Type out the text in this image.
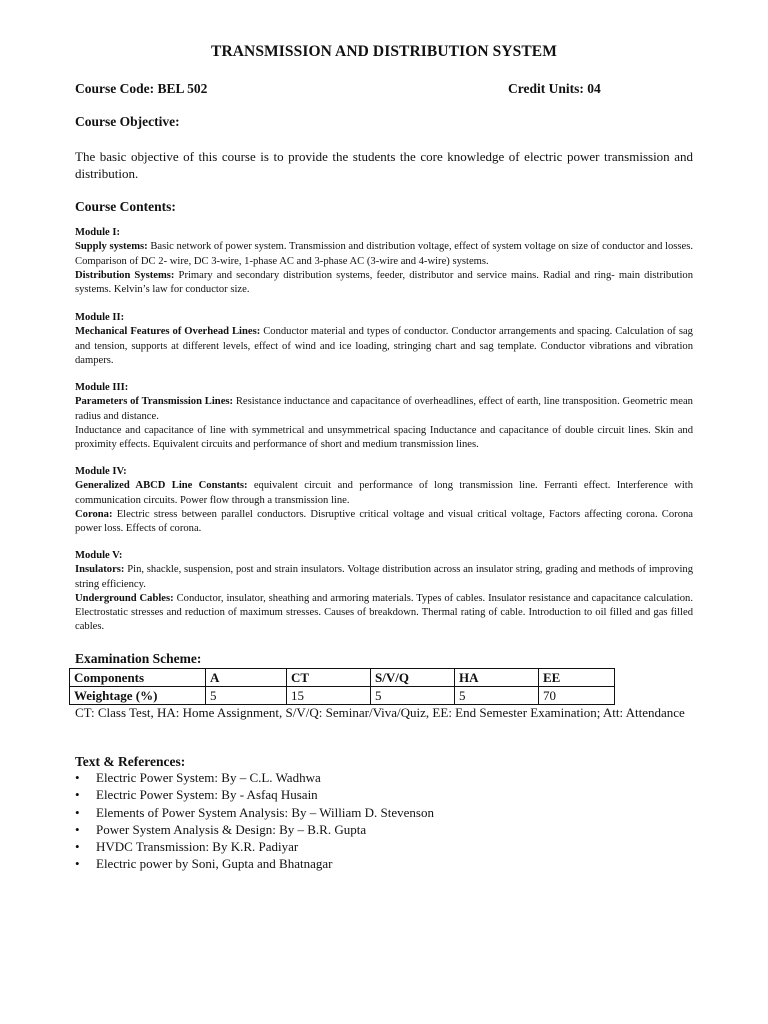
TRANSMISSION AND DISTRIBUTION SYSTEM
Course Code: BEL 502	Credit Units: 04
Course Objective:
The basic objective of this course is to provide the students the core knowledge of electric power transmission and distribution.
Course Contents:
Module I:

Supply systems: Basic network of power system. Transmission and distribution voltage, effect of system voltage on size of conductor and losses. Comparison of DC 2- wire, DC 3-wire, 1-phase AC and 3-phase AC (3-wire and 4-wire) systems.

Distribution Systems: Primary and secondary distribution systems, feeder, distributor and service mains. Radial and ring- main distribution systems. Kelvin’s law for conductor size.

Module II:

Mechanical Features of Overhead Lines: Conductor material and types of conductor. Conductor arrangements and spacing. Calculation of sag and tension, supports at different levels, effect of wind and ice loading, stringing chart and sag template. Conductor vibrations and vibration dampers.

Module III:

Parameters of Transmission Lines: Resistance inductance and capacitance of overheadlines, effect of earth, line transposition. Geometric mean radius and distance.

Inductance and capacitance of line with symmetrical and unsymmetrical spacing Inductance and capacitance of double circuit lines. Skin and proximity effects. Equivalent circuits and performance of short and medium transmission lines.

Module IV:

Generalized ABCD Line Constants: equivalent circuit and performance of long transmission line. Ferranti effect. Interference with communication circuits. Power flow through a transmission line.

Corona: Electric stress between parallel conductors. Disruptive critical voltage and visual critical voltage, Factors affecting corona. Corona power loss. Effects of corona.

Module V:

Insulators: Pin, shackle, suspension, post and strain insulators. Voltage distribution across an insulator string, grading and methods of improving string efficiency.

Underground Cables: Conductor, insulator, sheathing and armoring materials. Types of cables. Insulator resistance and capacitance calculation. Electrostatic stresses and reduction of maximum stresses. Causes of breakdown. Thermal rating of cable. Introduction to oil filled and gas filled cables.

Examination Scheme:
Components	A	CT	S/V/Q	HA	EE
Weightage (%)	5	15	5	5	70
CT: Class Test, HA: Home Assignment, S/V/Q: Seminar/Viva/Quiz, EE: End Semester Examination; Att: Attendance
Text & References:
• Electric Power System: By – C.L. Wadhwa
• Electric Power System: By - Asfaq Husain
• Elements of Power System Analysis: By – William D. Stevenson
• Power System Analysis & Design: By – B.R. Gupta
• HVDC Transmission: By K.R. Padiyar
• Electric power by Soni, Gupta and Bhatnagar
